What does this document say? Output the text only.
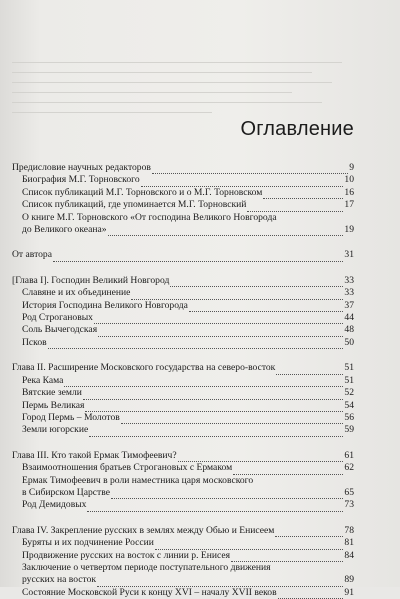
Оглавление
Предисловие научных редакторов	9
Биография М.Г. Торновского	10
Список публикаций М.Г. Торновского и о М.Г. Торновском	16
Список публикаций, где упоминается М.Г. Торновский	17
О книге М.Г. Торновского «От господина Великого Новгорода
до Великого океана»	19
От автора	31
[Глава I]. Господин Великий Новгород	33
Славяне и их объединение	33
История Господина Великого Новгорода	37
Род Строгановых	44
Соль Вычегодская	48
Псков	50
Глава II. Расширение Московского государства на северо-восток	51
Река Кама	51
Вятские земли	52
Пермь Великая	54
Город Пермь – Молотов	56
Земли югорские	59
Глава III. Кто такой Ермак Тимофеевич?	61
Взаимоотношения братьев Строгановых с Ермаком	62
Ермак Тимофеевич в роли наместника царя московского
в Сибирском Царстве	65
Род Демидовых	73
Глава IV. Закрепление русских в землях между Обью и Енисеем	78
Буряты и их подчинение России	81
Продвижение русских на восток с линии р. Енисея	84
Заключение о четвертом периоде поступательного движения
русских на восток	89
Состояние Московской Руси к концу XVI – началу XVII веков	91
